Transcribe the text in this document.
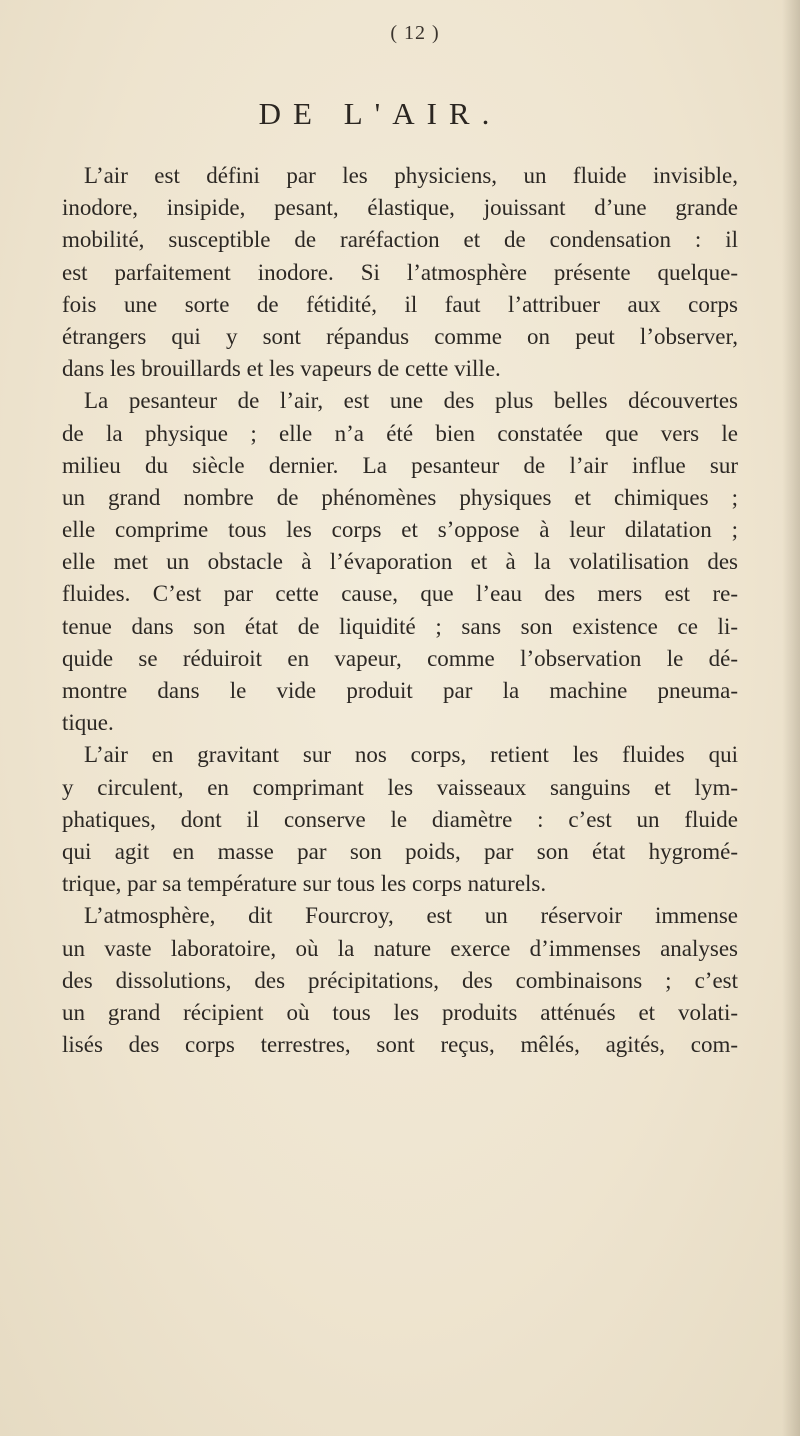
( 12 )
DE L'AIR.
L’air est défini par les physiciens, un fluide invisible,
inodore, insipide, pesant, élastique, jouissant d’une grande
mobilité, susceptible de raréfaction et de condensation : il
est parfaitement inodore. Si l’atmosphère présente quelque-
fois une sorte de fétidité, il faut l’attribuer aux corps
étrangers qui y sont répandus comme on peut l’observer,
dans les brouillards et les vapeurs de cette ville.
La pesanteur de l’air, est une des plus belles découvertes
de la physique ; elle n’a été bien constatée que vers le
milieu du siècle dernier. La pesanteur de l’air influe sur
un grand nombre de phénomènes physiques et chimiques ;
elle comprime tous les corps et s’oppose à leur dilatation ;
elle met un obstacle à l’évaporation et à la volatilisation des
fluides. C’est par cette cause, que l’eau des mers est re-
tenue dans son état de liquidité ; sans son existence ce li-
quide se réduiroit en vapeur, comme l’observation le dé-
montre dans le vide produit par la machine pneuma-
tique.
L’air en gravitant sur nos corps, retient les fluides qui
y circulent, en comprimant les vaisseaux sanguins et lym-
phatiques, dont il conserve le diamètre : c’est un fluide
qui agit en masse par son poids, par son état hygromé-
trique, par sa température sur tous les corps naturels.
L’atmosphère, dit Fourcroy, est un réservoir immense
un vaste laboratoire, où la nature exerce d’immenses analyses
des dissolutions, des précipitations, des combinaisons ; c’est
un grand récipient où tous les produits atténués et volati-
lisés des corps terrestres, sont reçus, mêlés, agités, com-
